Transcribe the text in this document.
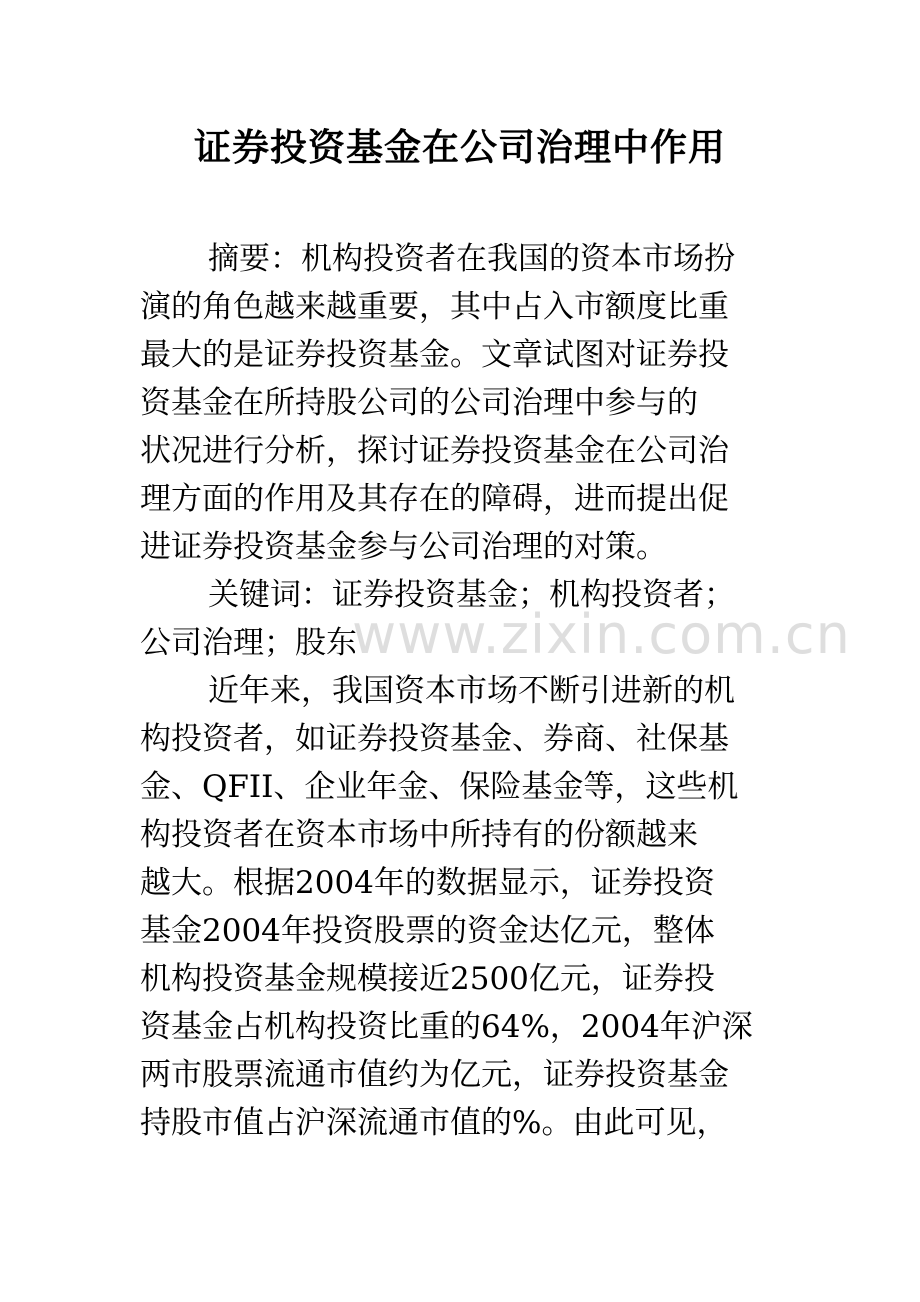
证券投资基金在公司治理中作用

摘要：机构投资者在我国的资本市场扮

演的角色越来越重要，其中占入市额度比重

最大的是证券投资基金。文章试图对证券投

资基金在所持股公司的公司治理中参与的

状况进行分析，探讨证券投资基金在公司治

理方面的作用及其存在的障碍，进而提出促

进证券投资基金参与公司治理的对策。

关键词：证券投资基金；机构投资者；

公司治理；股东

近年来，我国资本市场不断引进新的机

构投资者，如证券投资基金、券商、社保基

金、QFII、企业年金、保险基金等，这些机

构投资者在资本市场中所持有的份额越来

越大。根据2004年的数据显示，证券投资

基金2004年投资股票的资金达亿元，整体

机构投资基金规模接近2500亿元，证券投

资基金占机构投资比重的64%，2004年沪深

两市股票流通市值约为亿元，证券投资基金

持股市值占沪深流通市值的%。由此可见，

www.zixin.com.cn
